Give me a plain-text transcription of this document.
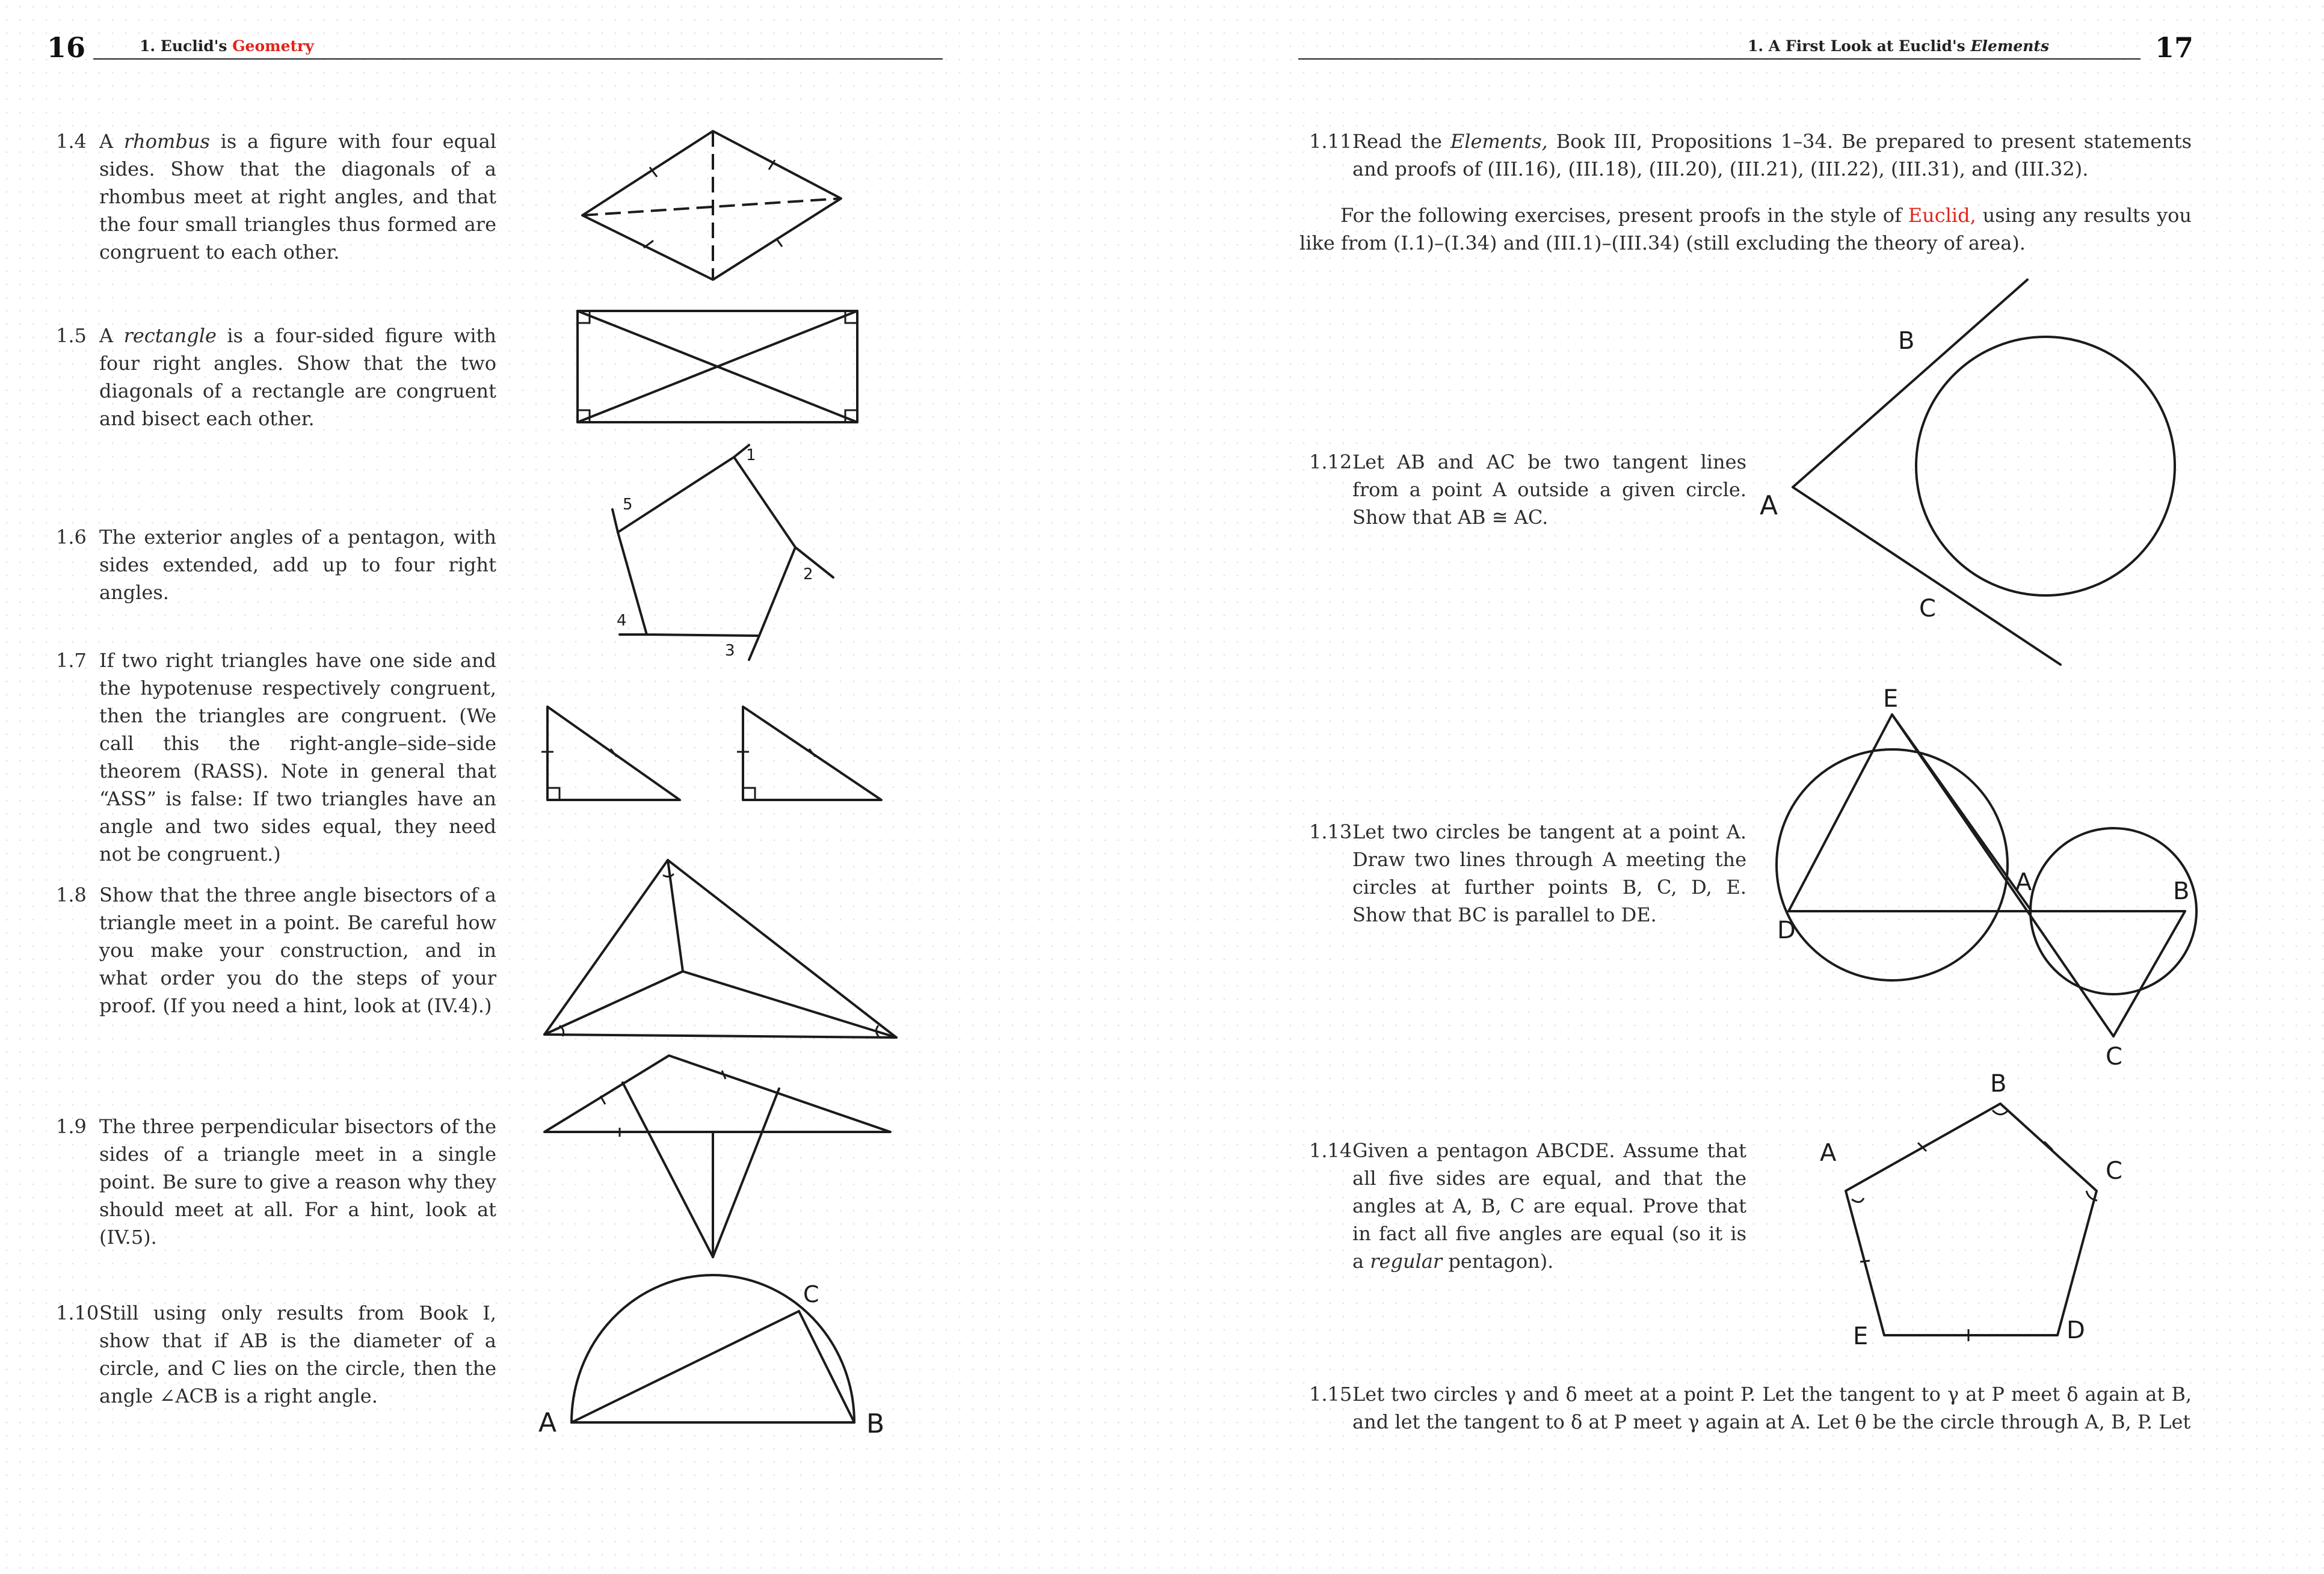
16	1. Euclid's Geometry
1.4 A rhombus is a figure with four equal sides. Show that the diagonals of a rhombus meet at right angles, and that the four small triangles thus formed are congruent to each other.
1.5 A rectangle is a four-sided figure with four right angles. Show that the two diagonals of a rectangle are congruent and bisect each other.
1.6 The exterior angles of a pentagon, with sides extended, add up to four right angles.
1
2
3
4
5
1.7 If two right triangles have one side and the hypotenuse respectively congruent, then the triangles are congruent. (We call this the right-angle–side–side theorem (RASS). Note in general that “ASS” is false: If two triangles have an angle and two sides equal, they need not be congruent.)
1.8 Show that the three angle bisectors of a triangle meet in a point. Be careful how you make your construction, and in what order you do the steps of your proof. (If you need a hint, look at (IV.4).)
1.9 The three perpendicular bisectors of the sides of a triangle meet in a single point. Be sure to give a reason why they should meet at all. For a hint, look at (IV.5).
1.10 Still using only results from Book I, show that if AB is the diameter of a circle, and C lies on the circle, then the angle ∠ACB is a right angle.
A	B
C
17
1. A First Look at Euclid's Elements
1.11 Read the Elements, Book III, Propositions 1–34. Be prepared to present statements and proofs of (III.16), (III.18), (III.20), (III.21), (III.22), (III.31), and (III.32).
For the following exercises, present proofs in the style of Euclid, using any results you like from (I.1)–(I.34) and (III.1)–(III.34) (still excluding the theory of area).
1.12 Let AB and AC be two tangent lines from a point A outside a given circle. Show that AB ≅ AC.	A
B
C
1.13 Let two circles be tangent at a point A. Draw two lines through A meeting the circles at further points B, C, D, E. Show that BC is parallel to DE.
E
A	B
D
C
1.14 Given a pentagon ABCDE. Assume that all five sides are equal, and that the angles at A, B, C are equal. Prove that in fact all five angles are equal (so it is a regular pentagon).
A
B
C
D
E
1.15 Let two circles γ and δ meet at a point P. Let the tangent to γ at P meet δ again at B, and let the tangent to δ at P meet γ again at A. Let θ be the circle through A, B, P. Let
